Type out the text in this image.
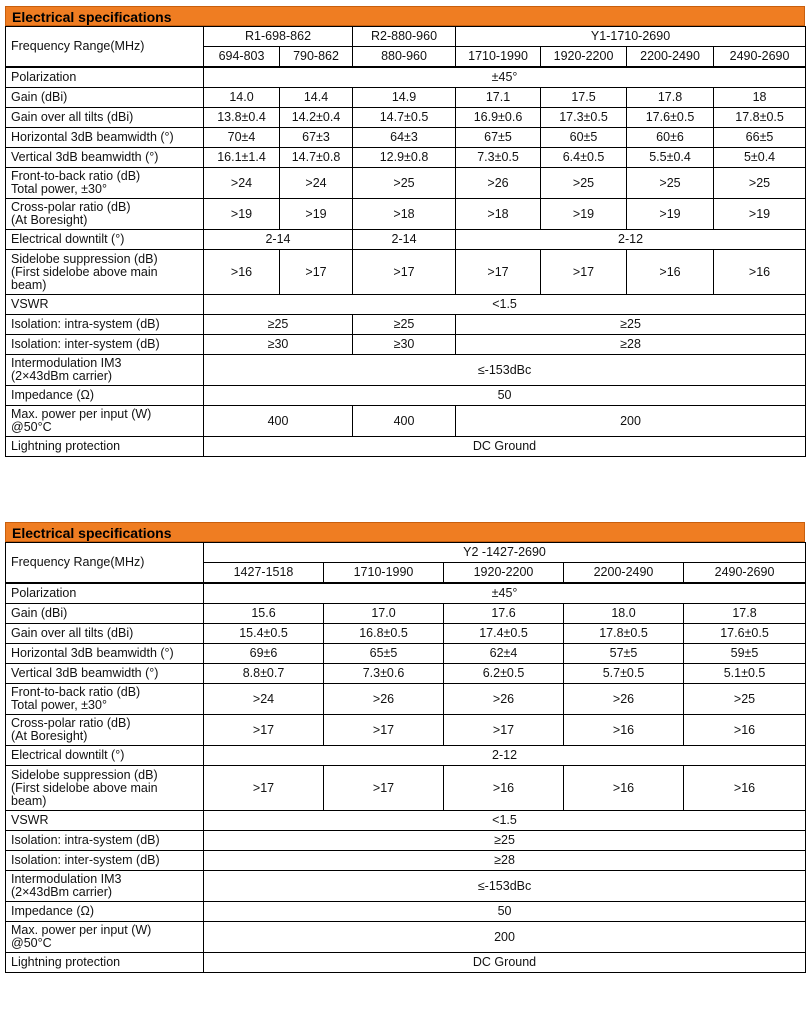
Electrical specifications
Frequency Range(MHz)	R1-698-862		R2-880-960	Y1-1710-2690			
	694-803	790-862	880-960	1710-1990	1920-2200	2200-2490	2490-2690
Polarization	±45°						
Gain (dBi)	14.0	14.4	14.9	17.1	17.5	17.8	18
Gain over all tilts (dBi)	13.8±0.4	14.2±0.4	14.7±0.5	16.9±0.6	17.3±0.5	17.6±0.5	17.8±0.5
Horizontal 3dB beamwidth (°)	70±4	67±3	64±3	67±5	60±5	60±6	66±5
Vertical 3dB beamwidth (°)	16.1±1.4	14.7±0.8	12.9±0.8	7.3±0.5	6.4±0.5	5.5±0.4	5±0.4
Front-to-back ratio (dB)
Total power, ±30°	>24	>24	>25	>26	>25	>25	>25
Cross-polar ratio (dB)
(At Boresight)	>19	>19	>18	>18	>19	>19	>19
Electrical downtilt (°)	2-14		2-14	2-12			
Sidelobe suppression (dB)
(First sidelobe above main
beam)	>16	>17	>17	>17	>17	>16	>16
VSWR	<1.5						
Isolation: intra-system (dB)	≥25		≥25	≥25			
Isolation: inter-system (dB)	≥30		≥30	≥28			
Intermodulation IM3
(2×43dBm carrier)	≤-153dBc						
Impedance (Ω)	50						
Max. power per input (W)
@50°C	400		400	200			
Lightning protection	DC Ground						
Electrical specifications
Frequency Range(MHz)	Y2 -1427-2690				
	1427-1518	1710-1990	1920-2200	2200-2490	2490-2690
Polarization	±45°				
Gain (dBi)	15.6	17.0	17.6	18.0	17.8
Gain over all tilts (dBi)	15.4±0.5	16.8±0.5	17.4±0.5	17.8±0.5	17.6±0.5
Horizontal 3dB beamwidth (°)	69±6	65±5	62±4	57±5	59±5
Vertical 3dB beamwidth (°)	8.8±0.7	7.3±0.6	6.2±0.5	5.7±0.5	5.1±0.5
Front-to-back ratio (dB)
Total power, ±30°	>24	>26	>26	>26	>25
Cross-polar ratio (dB)
(At Boresight)	>17	>17	>17	>16	>16
Electrical downtilt (°)	2-12				
Sidelobe suppression (dB)
(First sidelobe above main
beam)	>17	>17	>16	>16	>16
VSWR	<1.5				
Isolation: intra-system (dB)	≥25				
Isolation: inter-system (dB)	≥28				
Intermodulation IM3
(2×43dBm carrier)	≤-153dBc				
Impedance (Ω)	50				
Max. power per input (W)
@50°C	200				
Lightning protection	DC Ground				
